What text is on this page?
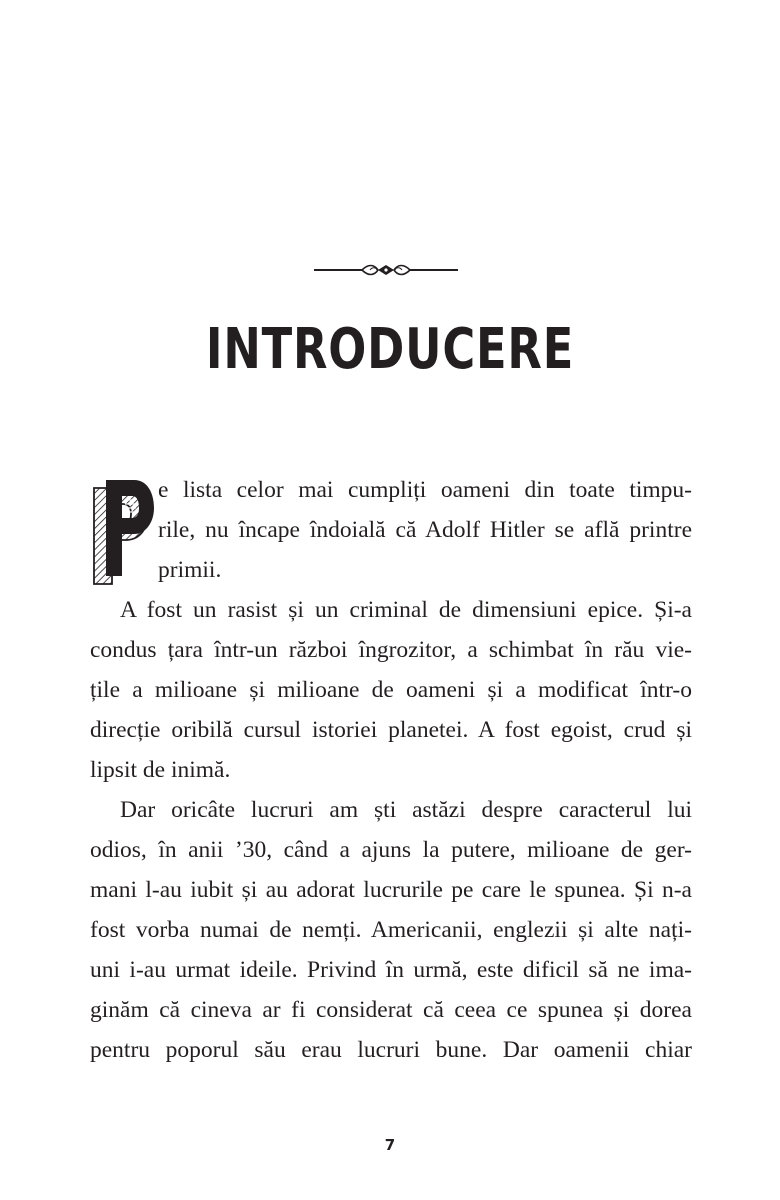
INTRODUCERE
e lista celor mai cumpliți oameni din toate timpu-
rile, nu încape îndoială că Adolf Hitler se află printre
primii.
A fost un rasist și un criminal de dimensiuni epice. Și-a
condus țara într-un război îngrozitor, a schimbat în rău vie-
țile a milioane și milioane de oameni și a modificat într-o
direcție oribilă cursul istoriei planetei. A fost egoist, crud și
lipsit de inimă.
Dar oricâte lucruri am ști astăzi despre caracterul lui
odios, în anii ’30, când a ajuns la putere, milioane de ger-
mani l-au iubit și au adorat lucrurile pe care le spunea. Și n-a
fost vorba numai de nemți. Americanii, englezii și alte nați-
uni i-au urmat ideile. Privind în urmă, este dificil să ne ima-
ginăm că cineva ar fi considerat că ceea ce spunea și dorea
pentru poporul său erau lucruri bune. Dar oamenii chiar
7
